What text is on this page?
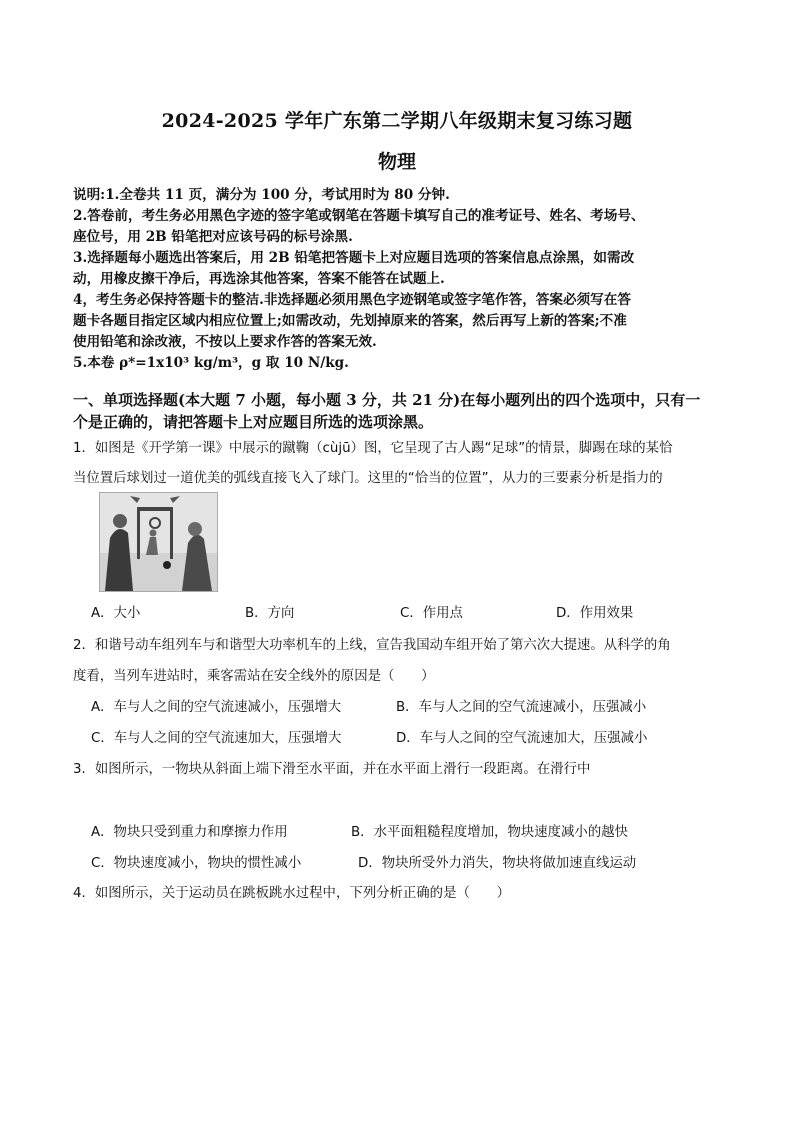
2024-2025 学年广东第二学期八年级期末复习练习题
物理
说明:1.全卷共 11 页，满分为 100 分，考试用时为 80 分钟.
2.答卷前，考生务必用黑色字迹的签字笔或钢笔在答题卡填写自己的准考证号、姓名、考场号、
座位号，用 2B 铅笔把对应该号码的标号涂黑.
3.选择题每小题选出答案后，用 2B 铅笔把答题卡上对应题目选项的答案信息点涂黑，如需改
动，用橡皮擦干净后，再选涂其他答案，答案不能答在试题上.
4，考生务必保持答题卡的整洁.非选择题必须用黑色字迹钢笔或签字笔作答，答案必须写在答
题卡各题目指定区域内相应位置上;如需改动，先划掉原来的答案，然后再写上新的答案;不准
使用铅笔和涂改液，不按以上要求作答的答案无效.
5.本卷 ρ*=1x10³ kg/m³，g 取 10 N/kg.
一、单项选择题(本大题 7 小题，每小题 3 分，共 21 分)在每小题列出的四个选项中，只有一
个是正确的，请把答题卡上对应题目所选的选项涂黑。
1．如图是《开学第一课》中展示的蹴鞠（cùjū）图，它呈现了古人踢“足球”的情景，脚踢在球的某恰
当位置后球划过一道优美的弧线直接飞入了球门。这里的“恰当的位置”，从力的三要素分析是指力的
A．大小	B．方向	C．作用点	D．作用效果
2．和谐号动车组列车与和谐型大功率机车的上线，宣告我国动车组开始了第六次大提速。从科学的角
度看，当列车进站时，乘客需站在安全线外的原因是（　　）
A．车与人之间的空气流速减小，压强增大	B．车与人之间的空气流速减小，压强减小
C．车与人之间的空气流速加大，压强增大	D．车与人之间的空气流速加大，压强减小
3．如图所示，一物块从斜面上端下滑至水平面，并在水平面上滑行一段距离。在滑行中
A．物块只受到重力和摩擦力作用	B．水平面粗糙程度增加，物块速度减小的越快
C．物块速度减小，物块的惯性减小	D．物块所受外力消失，物块将做加速直线运动
4．如图所示，关于运动员在跳板跳水过程中，下列分析正确的是（　　）
